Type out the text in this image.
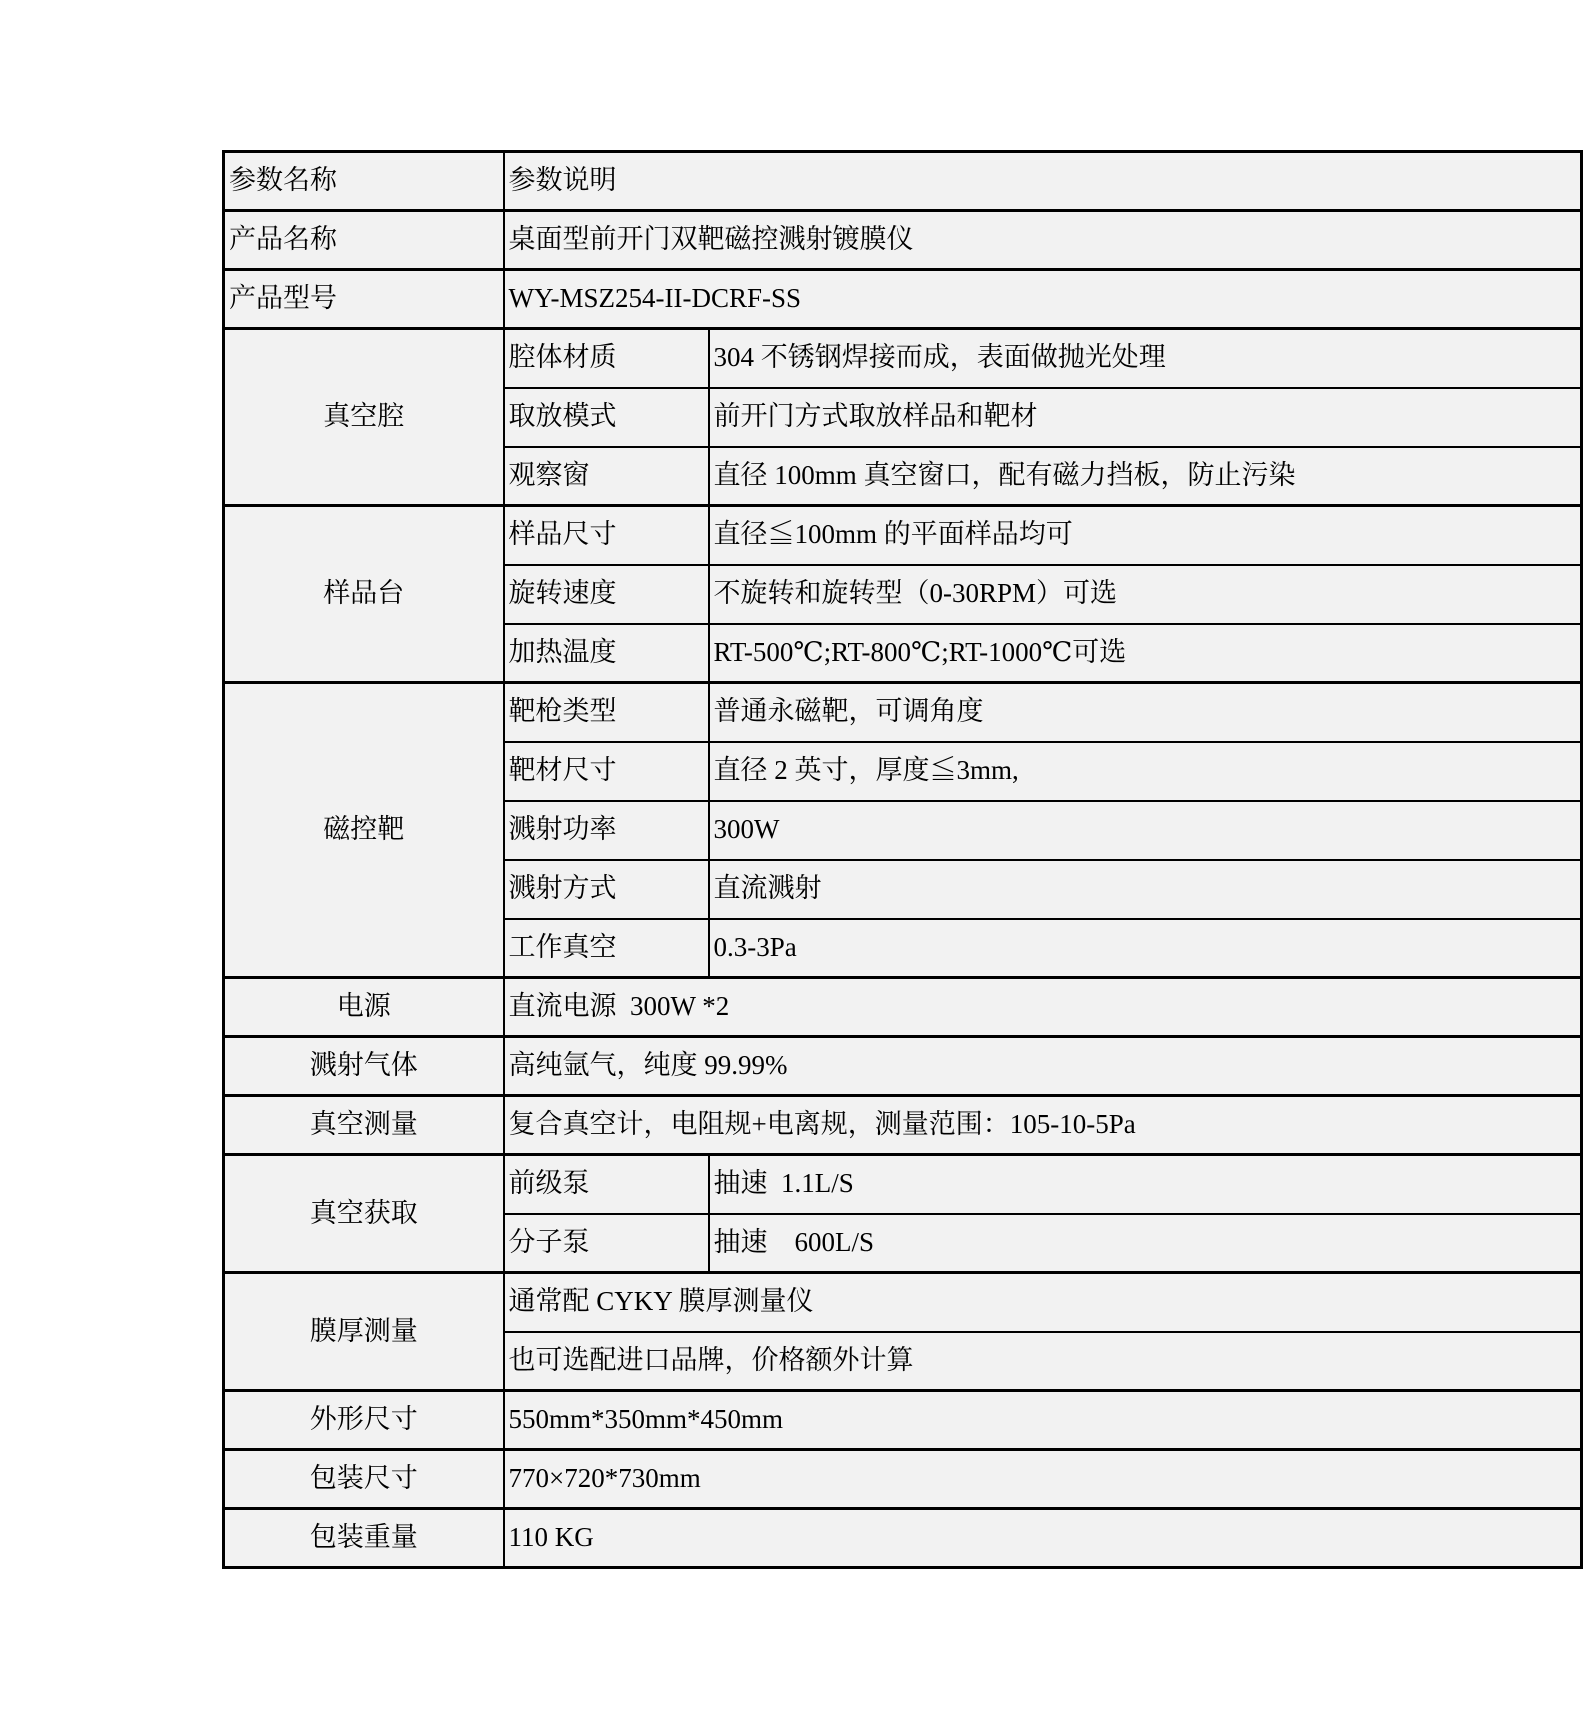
参数名称	参数说明	
产品名称	桌面型前开门双靶磁控溅射镀膜仪	
产品型号	WY-MSZ254-II-DCRF-SS	
真空腔	腔体材质	304 不锈钢焊接而成，表面做抛光处理
	取放模式	前开门方式取放样品和靶材
	观察窗	直径 100mm 真空窗口，配有磁力挡板，防止污染
样品台	样品尺寸	直径≦100mm 的平面样品均可
	旋转速度	不旋转和旋转型（0-30RPM）可选
	加热温度	RT-500℃;RT-800℃;RT-1000℃可选
磁控靶	靶枪类型	普通永磁靶，可调角度
	靶材尺寸	直径 2 英寸，厚度≦3mm,
	溅射功率	300W
	溅射方式	直流溅射
	工作真空	0.3-3Pa
电源	直流电源  300W *2	
溅射气体	高纯氩气，纯度 99.99%	
真空测量	复合真空计，电阻规+电离规，测量范围：105-10-5Pa	
真空获取	前级泵	抽速  1.1L/S
	分子泵	抽速    600L/S
膜厚测量	通常配 CYKY 膜厚测量仪	
	也可选配进口品牌，价格额外计算	
外形尺寸	550mm*350mm*450mm	
包装尺寸	770×720*730mm	
包装重量	110 KG	
